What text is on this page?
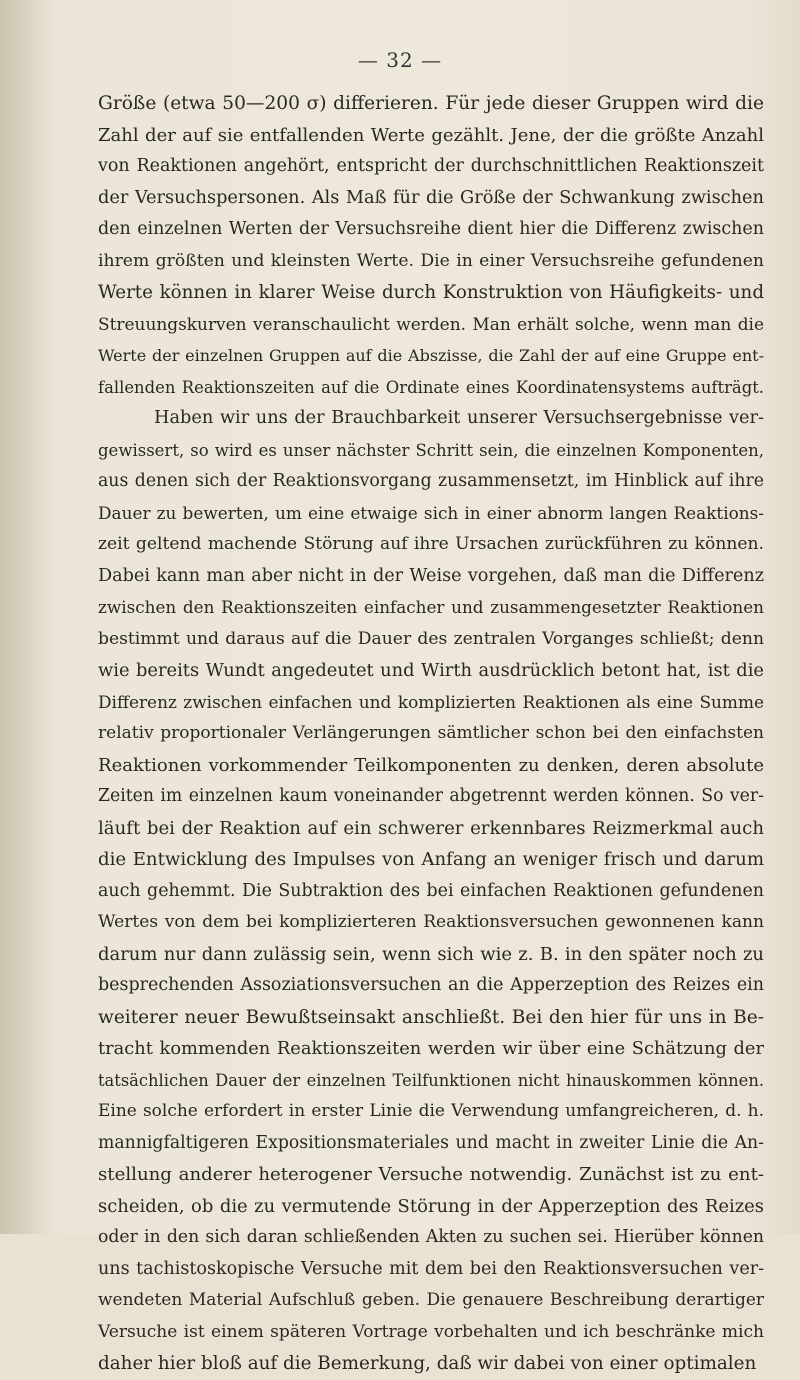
— 32 —
Größe (etwa 50—200 σ) differieren. Für jede dieser Gruppen wird die
Zahl der auf sie entfallenden Werte gezählt. Jene, der die größte Anzahl
von Reaktionen angehört, entspricht der durchschnittlichen Reaktionszeit
der Versuchspersonen. Als Maß für die Größe der Schwankung zwischen
den einzelnen Werten der Versuchsreihe dient hier die Differenz zwischen
ihrem größten und kleinsten Werte. Die in einer Versuchsreihe gefundenen
Werte können in klarer Weise durch Konstruktion von Häufigkeits- und
Streuungskurven veranschaulicht werden. Man erhält solche, wenn man die
Werte der einzelnen Gruppen auf die Abszisse, die Zahl der auf eine Gruppe ent-
fallenden Reaktionszeiten auf die Ordinate eines Koordinatensystems aufträgt.
Haben wir uns der Brauchbarkeit unserer Versuchsergebnisse ver-
gewissert, so wird es unser nächster Schritt sein, die einzelnen Komponenten,
aus denen sich der Reaktionsvorgang zusammensetzt, im Hinblick auf ihre
Dauer zu bewerten, um eine etwaige sich in einer abnorm langen Reaktions-
zeit geltend machende Störung auf ihre Ursachen zurückführen zu können.
Dabei kann man aber nicht in der Weise vorgehen, daß man die Differenz
zwischen den Reaktionszeiten einfacher und zusammengesetzter Reaktionen
bestimmt und daraus auf die Dauer des zentralen Vorganges schließt; denn
wie bereits Wundt angedeutet und Wirth ausdrücklich betont hat, ist die
Differenz zwischen einfachen und komplizierten Reaktionen als eine Summe
relativ proportionaler Verlängerungen sämtlicher schon bei den einfachsten
Reaktionen vorkommender Teilkomponenten zu denken, deren absolute
Zeiten im einzelnen kaum voneinander abgetrennt werden können. So ver-
läuft bei der Reaktion auf ein schwerer erkennbares Reizmerkmal auch
die Entwicklung des Impulses von Anfang an weniger frisch und darum
auch gehemmt. Die Subtraktion des bei einfachen Reaktionen gefundenen
Wertes von dem bei komplizierteren Reaktionsversuchen gewonnenen kann
darum nur dann zulässig sein, wenn sich wie z. B. in den später noch zu
besprechenden Assoziationsversuchen an die Apperzeption des Reizes ein
weiterer neuer Bewußtseinsakt anschließt. Bei den hier für uns in Be-
tracht kommenden Reaktionszeiten werden wir über eine Schätzung der
tatsächlichen Dauer der einzelnen Teilfunktionen nicht hinauskommen können.
Eine solche erfordert in erster Linie die Verwendung umfangreicheren, d. h.
mannigfaltigeren Expositionsmateriales und macht in zweiter Linie die An-
stellung anderer heterogener Versuche notwendig. Zunächst ist zu ent-
scheiden, ob die zu vermutende Störung in der Apperzeption des Reizes
oder in den sich daran schließenden Akten zu suchen sei. Hierüber können
uns tachistoskopische Versuche mit dem bei den Reaktionsversuchen ver-
wendeten Material Aufschluß geben. Die genauere Beschreibung derartiger
Versuche ist einem späteren Vortrage vorbehalten und ich beschränke mich
daher hier bloß auf die Bemerkung, daß wir dabei von einer optimalen
